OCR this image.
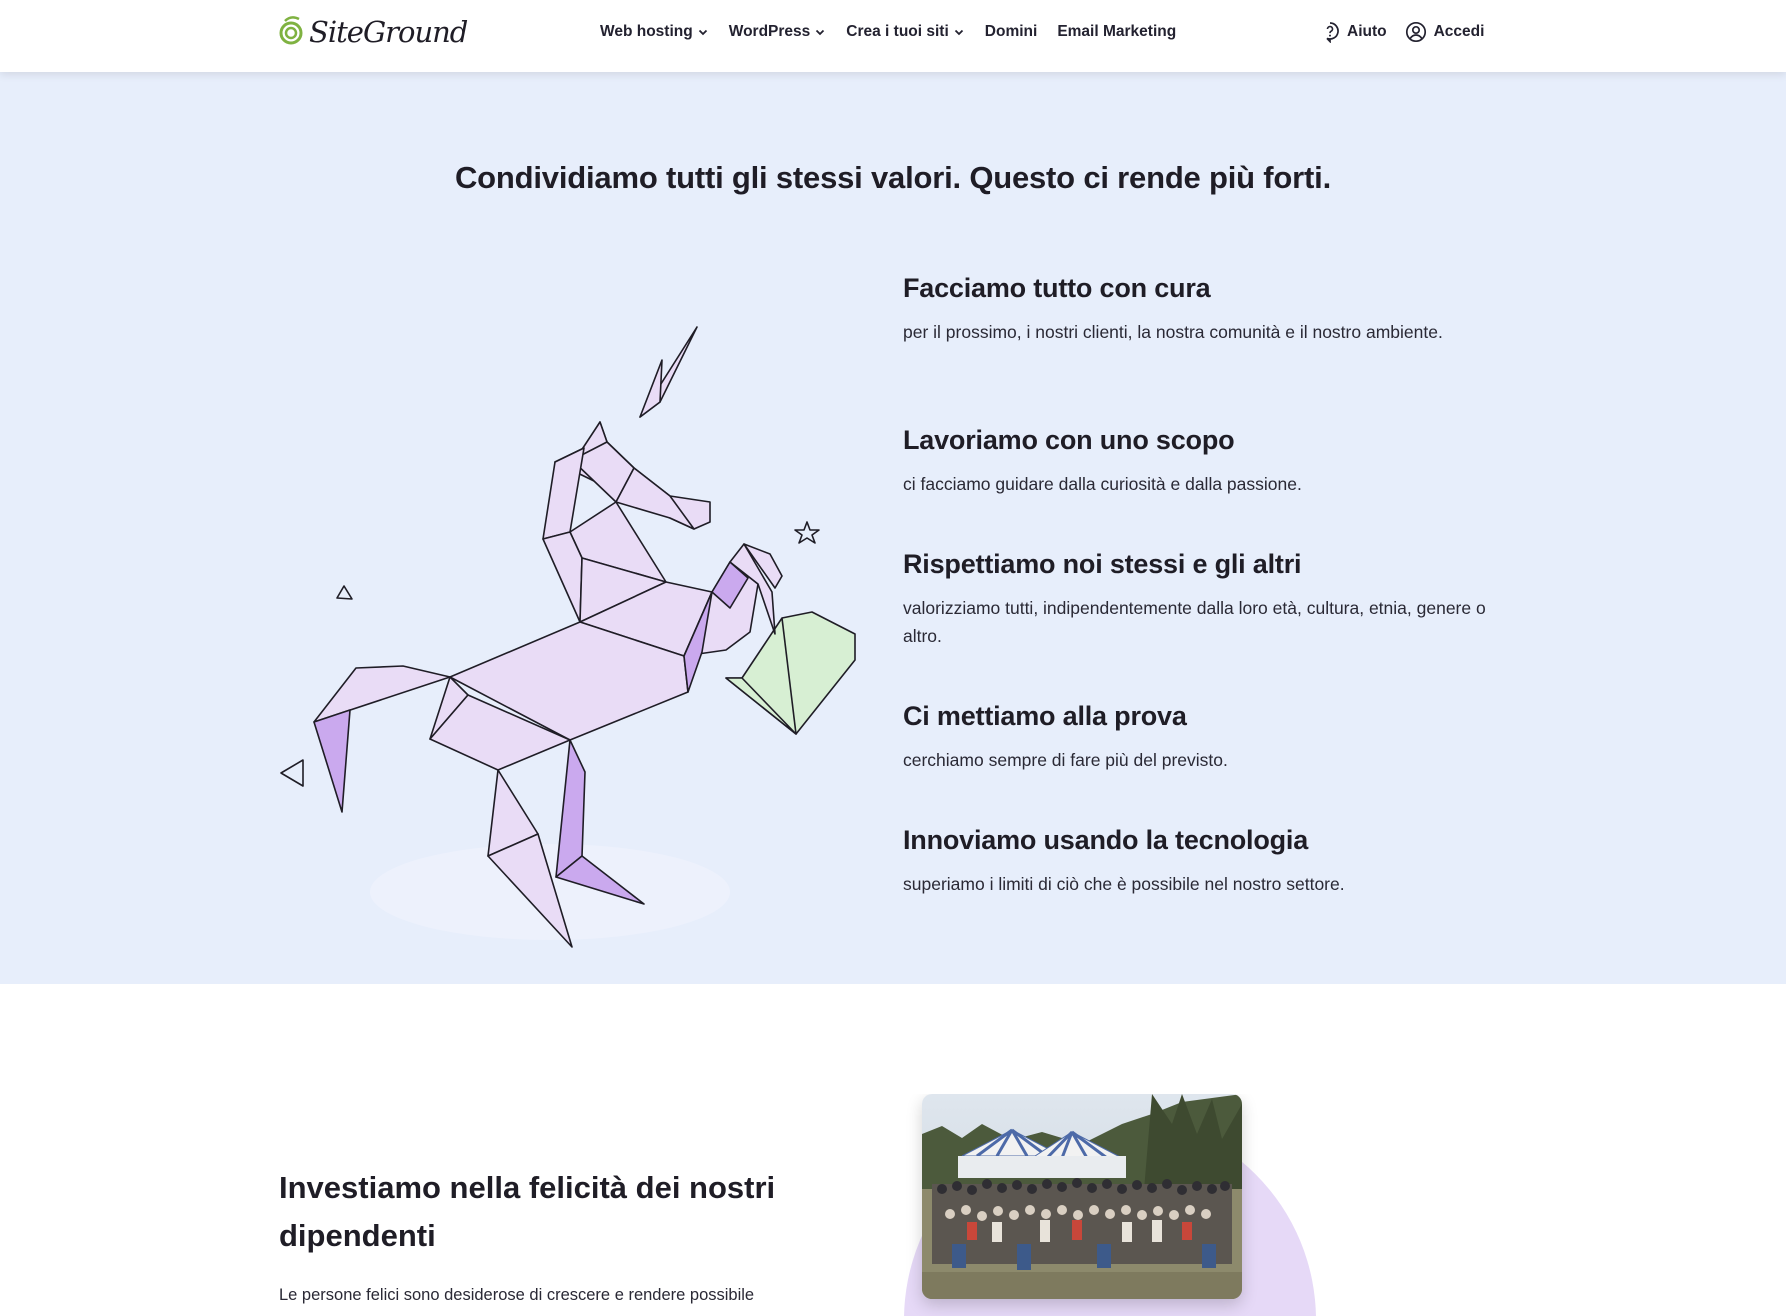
SiteGround	Web hosting WordPress Crea i tuoi siti Domini Email Marketing	Aiuto	Accedi
Condividiamo tutti gli stessi valori. Questo ci rende più forti.
Facciamo tutto con cura

per il prossimo, i nostri clienti, la nostra comunità e il nostro ambiente.

Lavoriamo con uno scopo

ci facciamo guidare dalla curiosità e dalla passione.

Rispettiamo noi stessi e gli altri

valorizziamo tutti, indipendentemente dalla loro età, cultura, etnia, genere o altro.

Ci mettiamo alla prova

cerchiamo sempre di fare più del previsto.

Innoviamo usando la tecnologia

superiamo i limiti di ciò che è possibile nel nostro settore.

Investiamo nella felicità dei nostri dipendenti

Le persone felici sono desiderose di crescere e rendere possibile
